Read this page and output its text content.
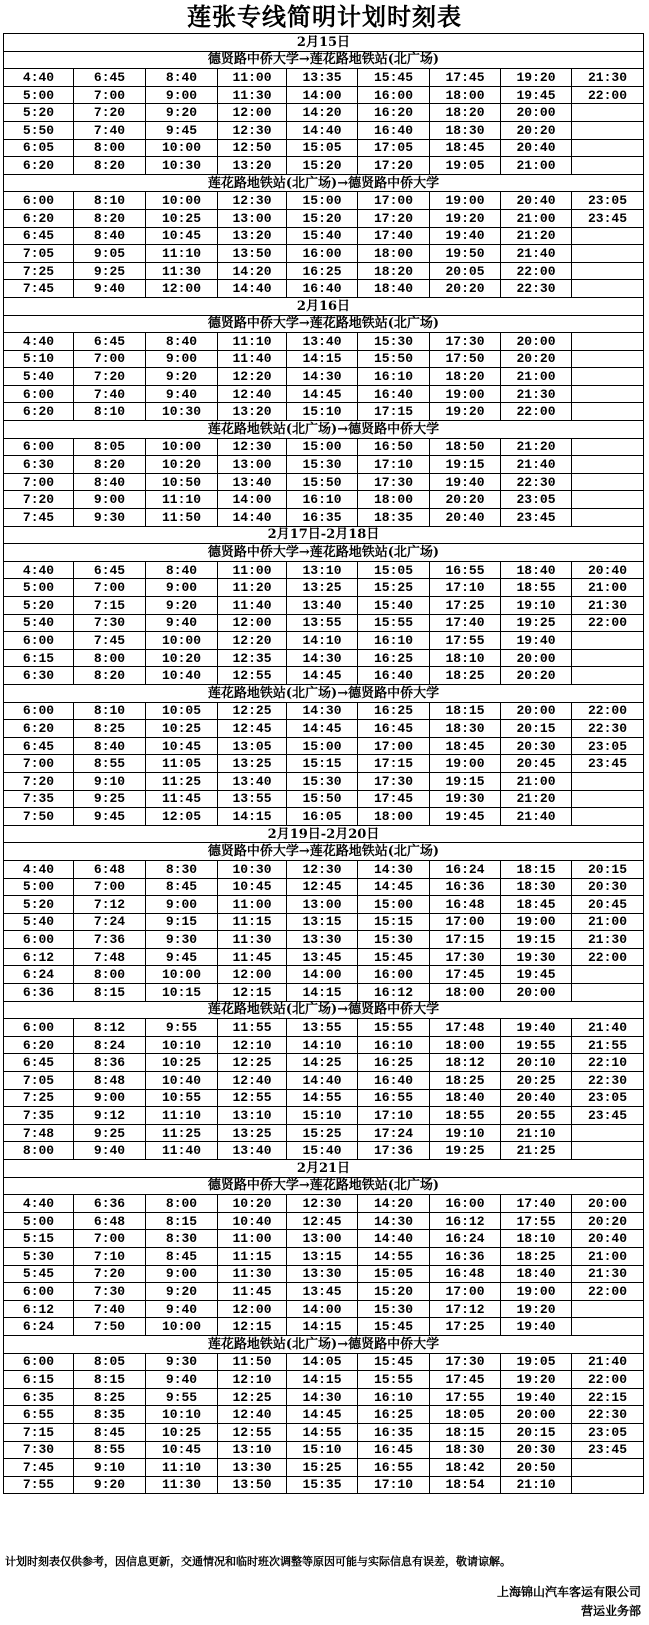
莲张专线简明计划时刻表
2月15日								
德贤路中侨大学→莲花路地铁站(北广场)								
4:40	6:45	8:40	11:00	13:35	15:45	17:45	19:20	21:30
5:00	7:00	9:00	11:30	14:00	16:00	18:00	19:45	22:00
5:20	7:20	9:20	12:00	14:20	16:20	18:20	20:00	
5:50	7:40	9:45	12:30	14:40	16:40	18:30	20:20	
6:05	8:00	10:00	12:50	15:05	17:05	18:45	20:40	
6:20	8:20	10:30	13:20	15:20	17:20	19:05	21:00	
莲花路地铁站(北广场)→德贤路中侨大学								
6:00	8:10	10:00	12:30	15:00	17:00	19:00	20:40	23:05
6:20	8:20	10:25	13:00	15:20	17:20	19:20	21:00	23:45
6:45	8:40	10:45	13:20	15:40	17:40	19:40	21:20	
7:05	9:05	11:10	13:50	16:00	18:00	19:50	21:40	
7:25	9:25	11:30	14:20	16:25	18:20	20:05	22:00	
7:45	9:40	12:00	14:40	16:40	18:40	20:20	22:30	
2月16日								
德贤路中侨大学→莲花路地铁站(北广场)								
4:40	6:45	8:40	11:10	13:40	15:30	17:30	20:00	
5:10	7:00	9:00	11:40	14:15	15:50	17:50	20:20	
5:40	7:20	9:20	12:20	14:30	16:10	18:20	21:00	
6:00	7:40	9:40	12:40	14:45	16:40	19:00	21:30	
6:20	8:10	10:30	13:20	15:10	17:15	19:20	22:00	
莲花路地铁站(北广场)→德贤路中侨大学								
6:00	8:05	10:00	12:30	15:00	16:50	18:50	21:20	
6:30	8:20	10:20	13:00	15:30	17:10	19:15	21:40	
7:00	8:40	10:50	13:40	15:50	17:30	19:40	22:30	
7:20	9:00	11:10	14:00	16:10	18:00	20:20	23:05	
7:45	9:30	11:50	14:40	16:35	18:35	20:40	23:45	
2月17日-2月18日								
德贤路中侨大学→莲花路地铁站(北广场)								
4:40	6:45	8:40	11:00	13:10	15:05	16:55	18:40	20:40
5:00	7:00	9:00	11:20	13:25	15:25	17:10	18:55	21:00
5:20	7:15	9:20	11:40	13:40	15:40	17:25	19:10	21:30
5:40	7:30	9:40	12:00	13:55	15:55	17:40	19:25	22:00
6:00	7:45	10:00	12:20	14:10	16:10	17:55	19:40	
6:15	8:00	10:20	12:35	14:30	16:25	18:10	20:00	
6:30	8:20	10:40	12:55	14:45	16:40	18:25	20:20	
莲花路地铁站(北广场)→德贤路中侨大学								
6:00	8:10	10:05	12:25	14:30	16:25	18:15	20:00	22:00
6:20	8:25	10:25	12:45	14:45	16:45	18:30	20:15	22:30
6:45	8:40	10:45	13:05	15:00	17:00	18:45	20:30	23:05
7:00	8:55	11:05	13:25	15:15	17:15	19:00	20:45	23:45
7:20	9:10	11:25	13:40	15:30	17:30	19:15	21:00	
7:35	9:25	11:45	13:55	15:50	17:45	19:30	21:20	
7:50	9:45	12:05	14:15	16:05	18:00	19:45	21:40	
2月19日-2月20日								
德贤路中侨大学→莲花路地铁站(北广场)								
4:40	6:48	8:30	10:30	12:30	14:30	16:24	18:15	20:15
5:00	7:00	8:45	10:45	12:45	14:45	16:36	18:30	20:30
5:20	7:12	9:00	11:00	13:00	15:00	16:48	18:45	20:45
5:40	7:24	9:15	11:15	13:15	15:15	17:00	19:00	21:00
6:00	7:36	9:30	11:30	13:30	15:30	17:15	19:15	21:30
6:12	7:48	9:45	11:45	13:45	15:45	17:30	19:30	22:00
6:24	8:00	10:00	12:00	14:00	16:00	17:45	19:45	
6:36	8:15	10:15	12:15	14:15	16:12	18:00	20:00	
莲花路地铁站(北广场)→德贤路中侨大学								
6:00	8:12	9:55	11:55	13:55	15:55	17:48	19:40	21:40
6:20	8:24	10:10	12:10	14:10	16:10	18:00	19:55	21:55
6:45	8:36	10:25	12:25	14:25	16:25	18:12	20:10	22:10
7:05	8:48	10:40	12:40	14:40	16:40	18:25	20:25	22:30
7:25	9:00	10:55	12:55	14:55	16:55	18:40	20:40	23:05
7:35	9:12	11:10	13:10	15:10	17:10	18:55	20:55	23:45
7:48	9:25	11:25	13:25	15:25	17:24	19:10	21:10	
8:00	9:40	11:40	13:40	15:40	17:36	19:25	21:25	
2月21日								
德贤路中侨大学→莲花路地铁站(北广场)								
4:40	6:36	8:00	10:20	12:30	14:20	16:00	17:40	20:00
5:00	6:48	8:15	10:40	12:45	14:30	16:12	17:55	20:20
5:15	7:00	8:30	11:00	13:00	14:40	16:24	18:10	20:40
5:30	7:10	8:45	11:15	13:15	14:55	16:36	18:25	21:00
5:45	7:20	9:00	11:30	13:30	15:05	16:48	18:40	21:30
6:00	7:30	9:20	11:45	13:45	15:20	17:00	19:00	22:00
6:12	7:40	9:40	12:00	14:00	15:30	17:12	19:20	
6:24	7:50	10:00	12:15	14:15	15:45	17:25	19:40	
莲花路地铁站(北广场)→德贤路中侨大学								
6:00	8:05	9:30	11:50	14:05	15:45	17:30	19:05	21:40
6:15	8:15	9:40	12:10	14:15	15:55	17:45	19:20	22:00
6:35	8:25	9:55	12:25	14:30	16:10	17:55	19:40	22:15
6:55	8:35	10:10	12:40	14:45	16:25	18:05	20:00	22:30
7:15	8:45	10:25	12:55	14:55	16:35	18:15	20:15	23:05
7:30	8:55	10:45	13:10	15:10	16:45	18:30	20:30	23:45
7:45	9:10	11:10	13:30	15:25	16:55	18:42	20:50	
7:55	9:20	11:30	13:50	15:35	17:10	18:54	21:10	
计划时刻表仅供参考，因信息更新，交通情况和临时班次调整等原因可能与实际信息有误差，敬请谅解。
上海锦山汽车客运有限公司
营运业务部
